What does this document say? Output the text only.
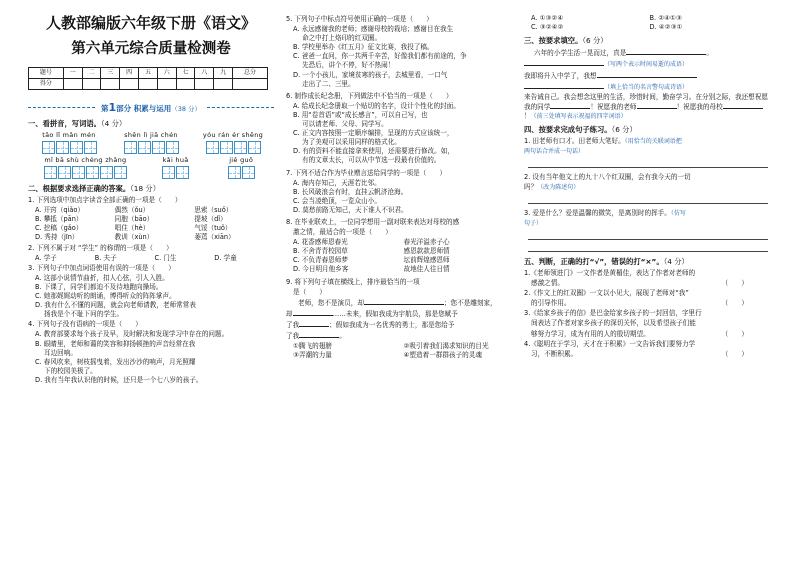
人教部编版六年级下册《语文》
第六单元综合质量检测卷
题号	一	二	三	四	五	六	七	八	九	总分
得分										
第1部分 积累与运用（38 分）
一、看拼音，写词语。（4 分）
tāo lǐ mǎn mén	shēn lì jiā chén	yóu rán ér shēng
mǐ bā shù chéng zhǎng	kǎi huǎ	jiě guō
二、根据要求选择正确的答案。（18 分）
1. 下列选项中加点字读音全部正确的一项是（　　）
A. 开窍（qiǎo）	偶然（ǒu）	思索（suǒ）
B. 攀抵（pān）	同胞（bāo）	提坡（dǐ）
C. 挖稿（gǎo）	唱住（hè）	气馁（tuǒ）
D. 秀持（jīn）	教训（xùn）	萎蔫（xiān）
2. 下列不属于对 “学生” 的称谓的一项是（　　）
A. 学子	B. 夫子	C. 门生	D. 学童
3. 下列句子中加点词语使用有误的一项是（　　）
A. 这部小说情节曲折，扣人心弦，引人入胜。
B. 下课了，同学们都迫不及待地跑向操场。
C. 她那娓娓动听的朗诵，博得听众的阵阵掌声。
D. 我有什么不懂的问题，就会向老师请教，老师常常表
扬我是个不耻下问的学生。
4. 下列句子没有语病的一项是（　　）
A. 教育部要求每个孩子及早，及时解决和发现学习中存在的问题。
B. 眼睛里，老师和蔼的笑容和抑扬顿挫的声音经常在我
耳边回响。
C. 春风吹来，树枝摇曳着，发出沙沙的响声，月光照耀
下的校园美极了。
D. 我有当年我认识他的时候，还只是一个七八岁的孩子。
5. 下列句子中标点符号使用正确的一项是（　　）
A. 永远感谢我的老师；感谢母校的栽培；感谢目在我生
命之中打上烙印的红双圈。
B. 学校里举办《红五月》征文比赛，我投了稿。
C. 爸爸一直问，你一共两千辛苦，好像我们都有前途的，争
先恐后，讲个不停，好不热闹！
D. 一个小孩儿，家境贫寒的孩子，去城里看，一口气
走出了二、三里。
6. 制作成长纪念册，下列做法中不恰当的一项是（　　）
A. 给成长纪念册取一个贴切的名字，设计个性化的封面。
B. 用“卷首语”或“成长感言”，可以自己写，也
可以请老师、父母、同学写。
C. 正文内容按照一定顺序编排，呈现的方式应该统一，
为了美观可以采用同样的格式化。
D. 有的资料不能直接拿来使用，还需要进行修改。如，
有的文章太长，可以从中节选一段最有价值的。
7. 下列不适合作为毕业赠言送给同学的一项是（　　）
A. 海内存知己，天涯若比邻。
B. 长风破浪会有时，直挂云帆济沧海。
C. 会当凌绝顶，一览众山小。
D. 莫愁前路无知己，天下谁人不识君。
8. 在毕业联欢上，一位同学想用一副对联来表达对母校的感
激之情，最适合的一项是（　　）
A. 花香感师恩春光	春光洋溢赤子心
B. 不舍青青校园草	感恩款款恩师情
C. 不负青春恩师梦	坛前辉煌感恩师
D. 今日明月他乡客	故地佳人往日情
9. 将下列句子填在横线上，排序最恰当的一项
是（　　）
老师，您不是演员，却	；您不是雕刻家，
却	……未来，假如我成为宇航员，那是您赋予
了我	；假如我成为一名优秀的勇士，那是您给予
了我	。
①腾飞的翅膀	②吸引着我们渴求知识的目光
③弄潮的力量	④塑造着一群群孩子的灵魂
A. ①③②④	B. ②④①③
C. ③②④②	D. ④②③①
三、按要求填空。（6 分）
六年的小学生活一晃而过，真是	。
（写两个表示时间易逝的成语）
我即将升入中学了，我想
（填上恰当的名言警句或诗语）
来告诫自己。我会想念这里的生活，珍惜时间，勤奋学习。在分别之际，我还想祝愿我的同学	！祝愿我的老师	！祝愿我的母校！（前三处填写表示祝福的四字词语）
四、按要求完成句子练习。（6 分）
1. 田老师有口才。田老师大笔好。（用恰当的关联词语把
两句话合并成一句话）
2. 设有当年他文上的九十八个红双圈，会有我今天的一切
吗？（改为陈述句）
3. 爱是什么？爱是温馨的微笑，是离别时的挥手。（仿写
句子）
五、判断，正确的打“√”，错误的打“×”。（4 分）
1.《老师领进门》一文作者是黄楣佳，表达了作者对老师的
感激之情。	（　　）
2.《作文上的红双圈》一文以小见大，展现了老师对“我”
的引导作用。	（　　）
3.《给家乡孩子的信》是巴金给家乡孩子的一封回信，字里行
间表达了作者对家乡孩子的深切关怀，以及希望孩子们能
够努力学习，成为有用的人的殷切期望。	（　　）
4.《聪明在于学习，天才在于积累》一文告诉我们要努力学
习，不断积累。	（　　）
